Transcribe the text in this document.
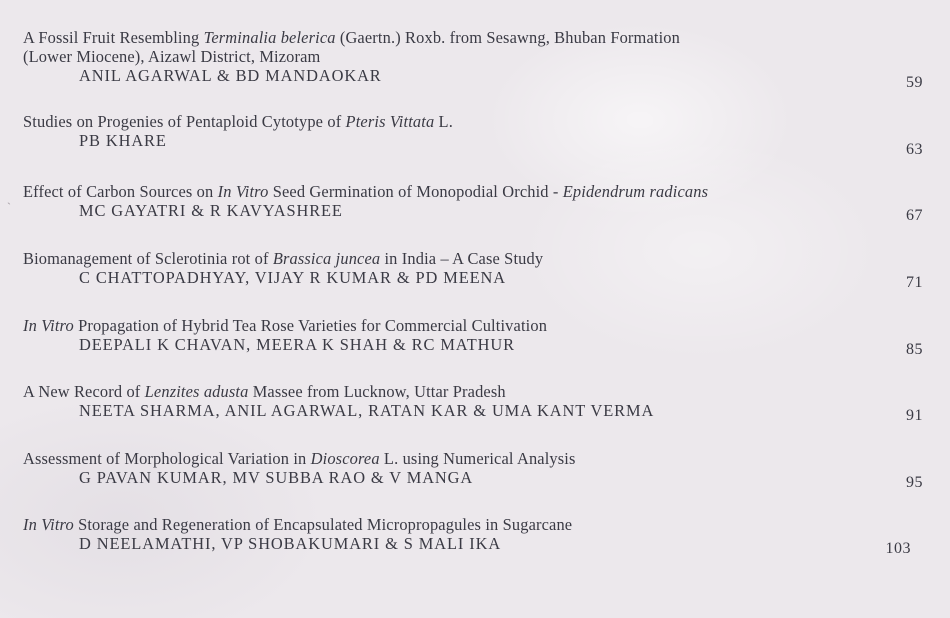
`
A Fossil Fruit Resembling Terminalia belerica (Gaertn.) Roxb. from Sesawng, Bhuban Formation
(Lower Miocene), Aizawl District, Mizoram
ANIL AGARWAL & BD MANDAOKAR	59
Studies on Progenies of Pentaploid Cytotype of Pteris Vittata L.
PB KHARE	63
Effect of Carbon Sources on In Vitro Seed Germination of Monopodial Orchid - Epidendrum radicans
MC GAYATRI & R KAVYASHREE	67
Biomanagement of Sclerotinia rot of Brassica juncea in India – A Case Study
C CHATTOPADHYAY, VIJAY R KUMAR & PD MEENA	71
In Vitro Propagation of Hybrid Tea Rose Varieties for Commercial Cultivation
DEEPALI K CHAVAN, MEERA K SHAH & RC MATHUR	85
A New Record of Lenzites adusta Massee from Lucknow, Uttar Pradesh
NEETA SHARMA, ANIL AGARWAL, RATAN KAR & UMA KANT VERMA	91
Assessment of Morphological Variation in Dioscorea L. using Numerical Analysis
G PAVAN KUMAR, MV SUBBA RAO & V MANGA	95
In Vitro Storage and Regeneration of Encapsulated Micropropagules in Sugarcane
D NEELAMATHI, VP SHOBAKUMARI & S MALI IKA	103
